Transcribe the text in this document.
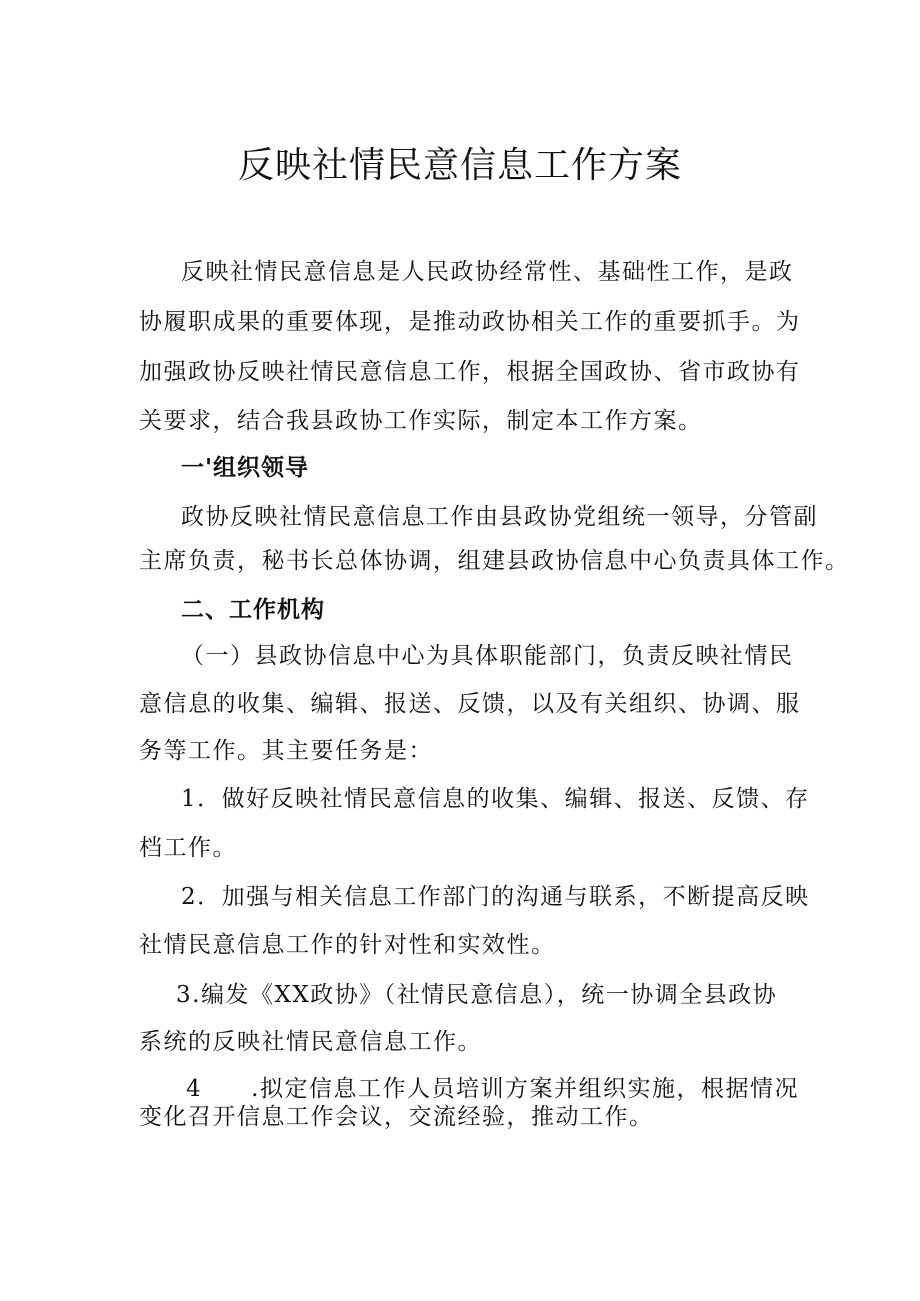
反映社情民意信息工作方案
反映社情民意信息是人民政协经常性、基础性工作，是政
协履职成果的重要体现，是推动政协相关工作的重要抓手。为
加强政协反映社情民意信息工作，根据全国政协、省市政协有
关要求，结合我县政协工作实际，制定本工作方案。
一'组织领导
政协反映社情民意信息工作由县政协党组统一领导，分管副
主席负责，秘书长总体协调，组建县政协信息中心负责具体工作。
二、工作机构
（一）县政协信息中心为具体职能部门，负责反映社情民
意信息的收集、编辑、报送、反馈，以及有关组织、协调、服
务等工作。其主要任务是：
1．做好反映社情民意信息的收集、编辑、报送、反馈、存
档工作。
2．加强与相关信息工作部门的沟通与联系，不断提高反映
社情民意信息工作的针对性和实效性。
3.编发《XX政协》（社情民意信息），统一协调全县政协
系统的反映社情民意信息工作。
4　　.拟定信息工作人员培训方案并组织实施，根据情况
变化召开信息工作会议，交流经验，推动工作。
